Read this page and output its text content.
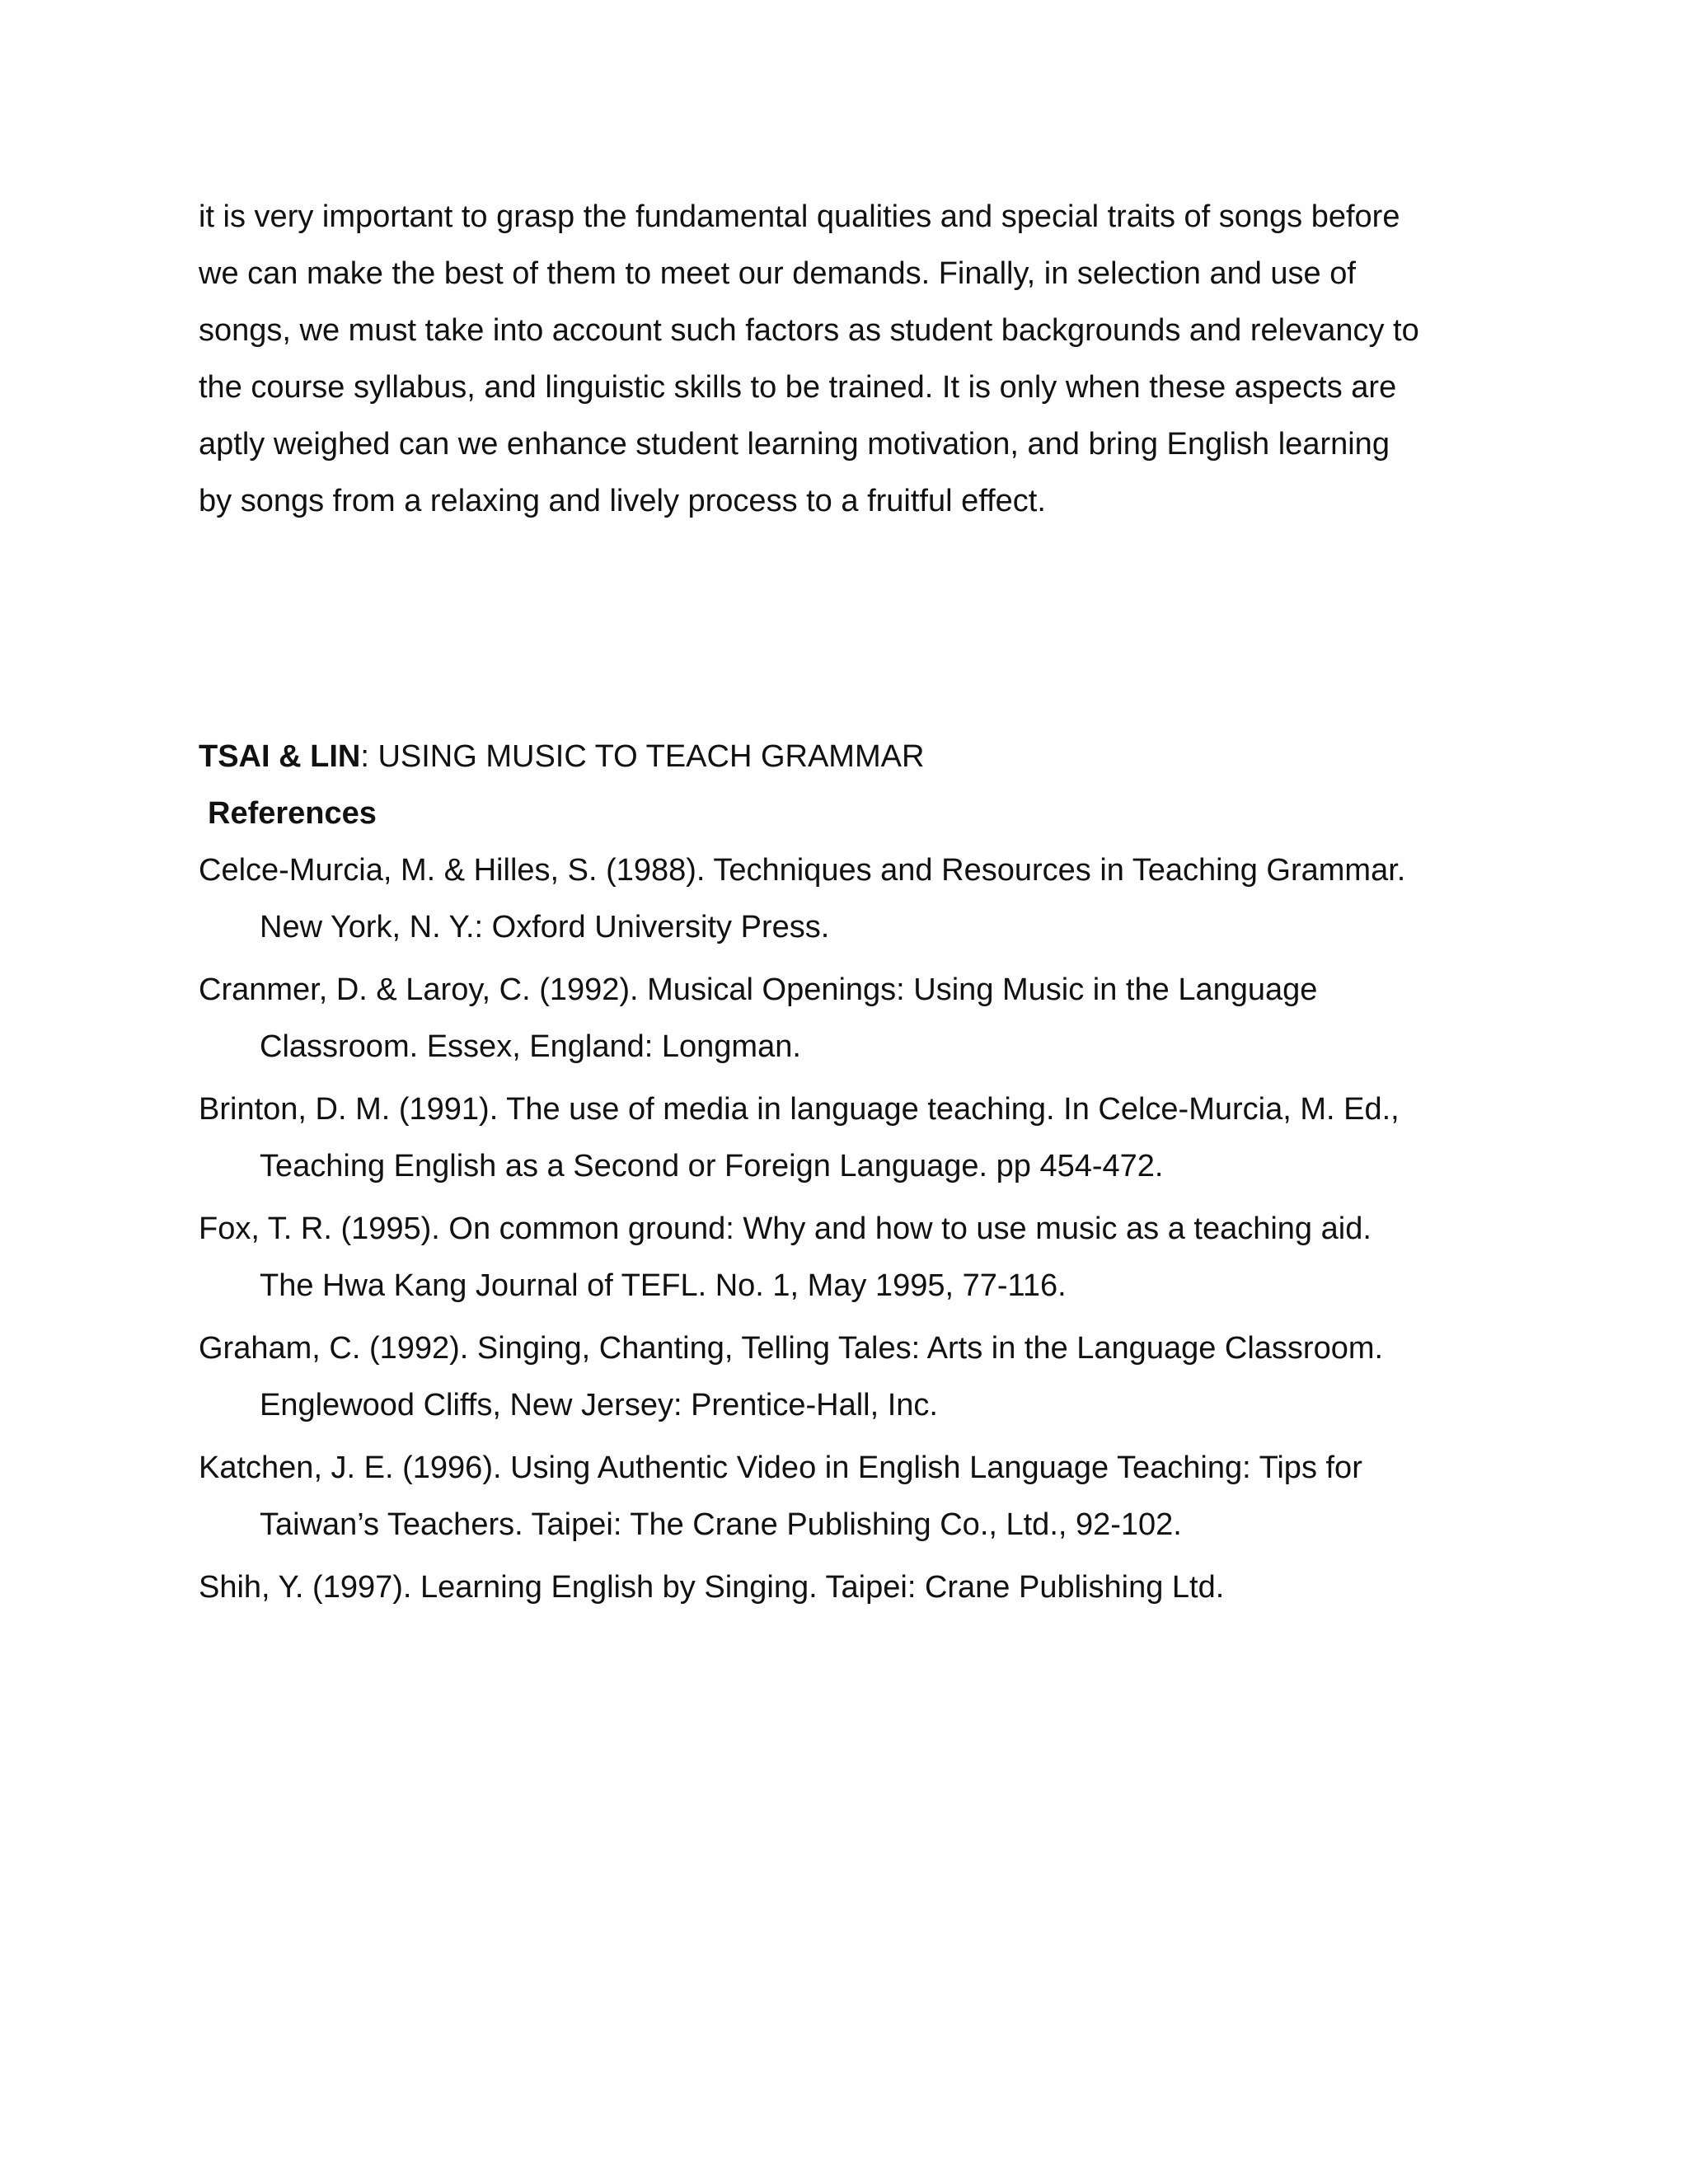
it is very important to grasp the fundamental qualities and special traits of songs before
we can make the best of them to meet our demands. Finally, in selection and use of
songs, we must take into account such factors as student backgrounds and relevancy to
the course syllabus, and linguistic skills to be trained. It is only when these aspects are
aptly weighed can we enhance student learning motivation, and bring English learning
by songs from a relaxing and lively process to a fruitful effect.

TSAI & LIN: USING MUSIC TO TEACH GRAMMAR

References

Celce-Murcia, M. & Hilles, S. (1988). Techniques and Resources in Teaching Grammar.
New York, N. Y.: Oxford University Press.
Cranmer, D. & Laroy, C. (1992). Musical Openings: Using Music in the Language
Classroom. Essex, England: Longman.
Brinton, D. M. (1991). The use of media in language teaching. In Celce-Murcia, M. Ed.,
Teaching English as a Second or Foreign Language. pp 454-472.
Fox, T. R. (1995). On common ground: Why and how to use music as a teaching aid.
The Hwa Kang Journal of TEFL. No. 1, May 1995, 77-116.
Graham, C. (1992). Singing, Chanting, Telling Tales: Arts in the Language Classroom.
Englewood Cliffs, New Jersey: Prentice-Hall, Inc.
Katchen, J. E. (1996). Using Authentic Video in English Language Teaching: Tips for
Taiwan’s Teachers. Taipei: The Crane Publishing Co., Ltd., 92-102.
Shih, Y. (1997). Learning English by Singing. Taipei: Crane Publishing Ltd.
